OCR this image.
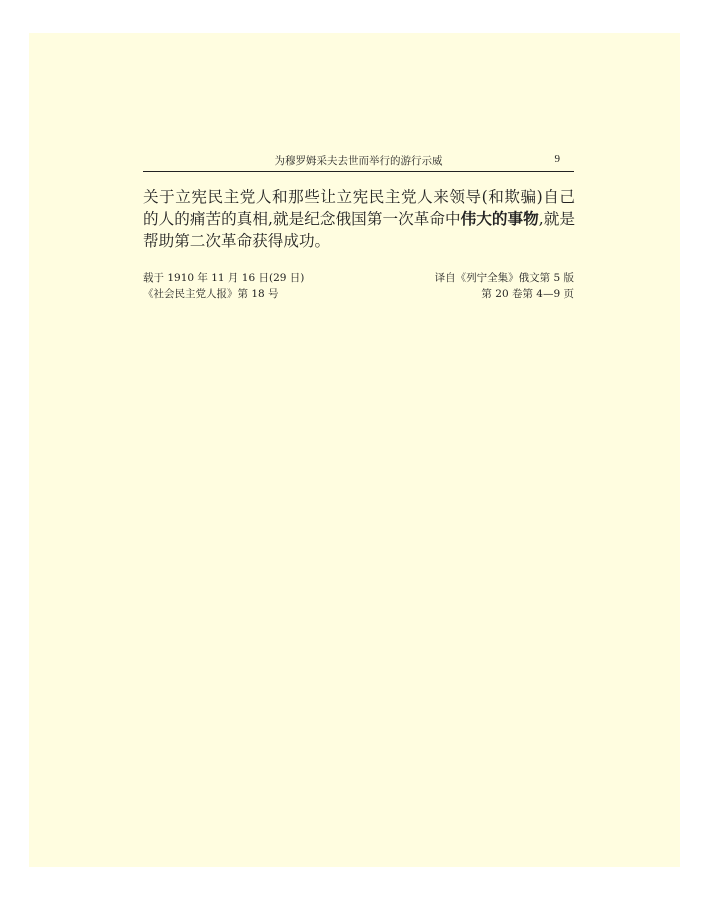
为穆罗姆采夫去世而举行的游行示威	9

关于立宪民主党人和那些让立宪民主党人来领导(和欺骗)自己的人的痛苦的真相,就是纪念俄国第一次革命中伟大的事物,就是帮助第二次革命获得成功。

载于 1910 年 11 月 16 日(29 日)
《社会民主党人报》第 18 号
译自《列宁全集》俄文第 5 版
第 20 卷第 4—9 页
